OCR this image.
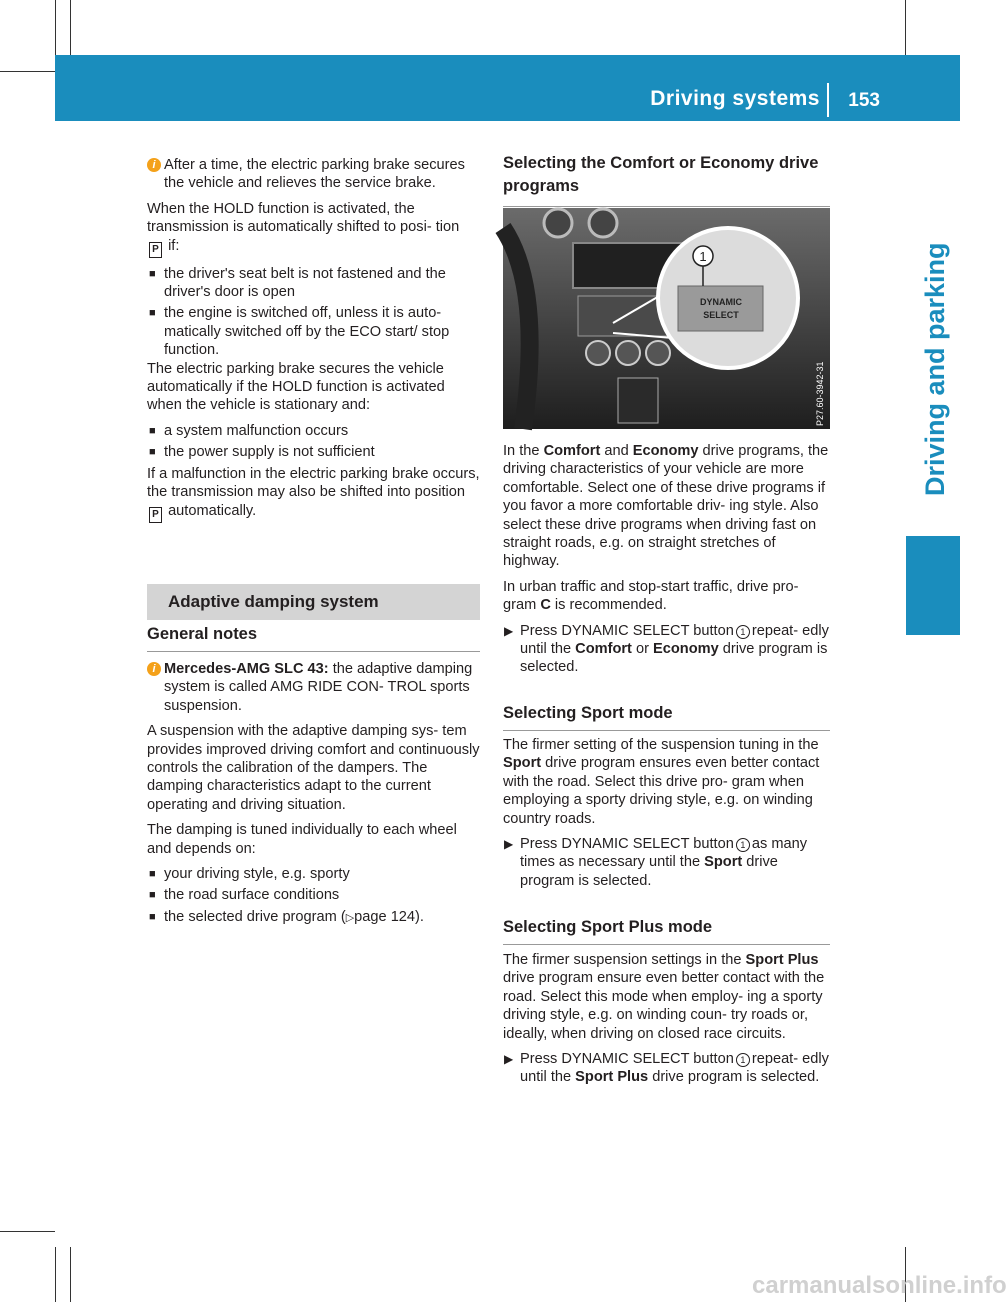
Driving systems 153
Driving and parking
i After a time, the electric parking brake secures the vehicle and relieves the service brake.

When the HOLD function is activated, the transmission is automatically shifted to posi- tion P if:

■ the driver's seat belt is not fastened and the driver's door is open
■ the engine is switched off, unless it is auto- matically switched off by the ECO start/ stop function.

The electric parking brake secures the vehicle automatically if the HOLD function is activated when the vehicle is stationary and:

■ a system malfunction occurs
■ the power supply is not sufficient

If a malfunction in the electric parking brake occurs, the transmission may also be shifted into position P automatically.

Adaptive damping system
General notes
i Mercedes-AMG SLC 43: the adaptive damping system is called AMG RIDE CON- TROL sports suspension.

A suspension with the adaptive damping sys- tem provides improved driving comfort and continuously controls the calibration of the dampers. The damping characteristics adapt to the current operating and driving situation.

The damping is tuned individually to each wheel and depends on:

■ your driving style, e.g. sporty
■ the road surface conditions
■ the selected drive program (▷page 124).
Selecting the Comfort or Economy drive programs
DYNAMIC
SELECT
1
P27.60-3942-31

In the Comfort and Economy drive programs, the driving characteristics of your vehicle are more comfortable. Select one of these drive programs if you favor a more comfortable driv- ing style. Also select these drive programs when driving fast on straight roads, e.g. on straight stretches of highway.

In urban traffic and stop-start traffic, drive pro- gram C is recommended.

▶ Press DYNAMIC SELECT button 1 repeat- edly until the Comfort or Economy drive program is selected.
Selecting Sport mode

The firmer setting of the suspension tuning in the Sport drive program ensures even better contact with the road. Select this drive pro- gram when employing a sporty driving style, e.g. on winding country roads.

▶ Press DYNAMIC SELECT button 1 as many times as necessary until the Sport drive program is selected.
Selecting Sport Plus mode

The firmer suspension settings in the Sport Plus drive program ensure even better contact with the road. Select this mode when employ- ing a sporty driving style, e.g. on winding coun- try roads or, ideally, when driving on closed race circuits.

▶ Press DYNAMIC SELECT button 1 repeat- edly until the Sport Plus drive program is selected.
carmanualsonline.info
